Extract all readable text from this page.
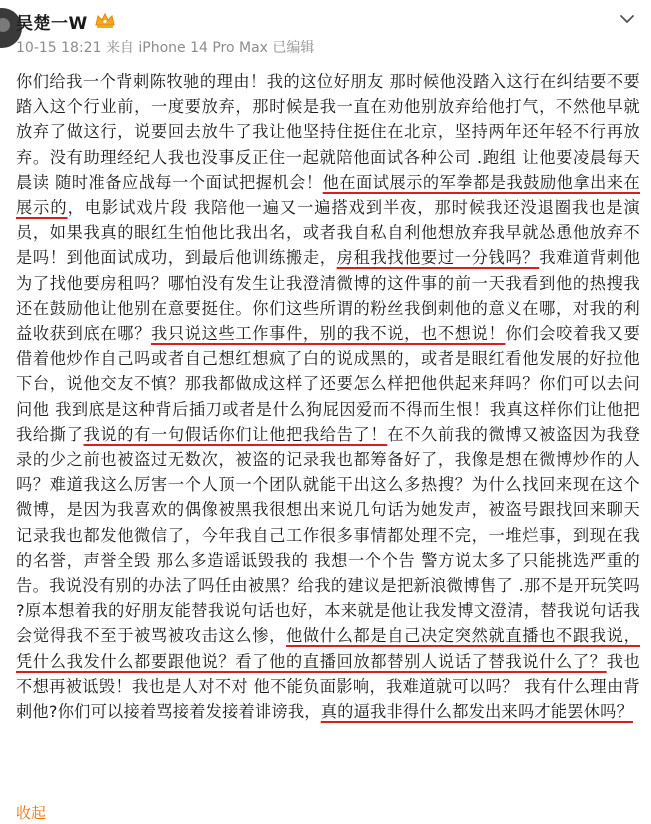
吴楚一W
10-15 18:21 来自 iPhone 14 Pro Max 已编辑
你们给我一个背刺陈牧驰的理由！我的这位好朋友 那时候他没踏入这行在纠结要不要踏入这个行业前，一度要放弃，那时候是我一直在劝他别放弃给他打气，不然他早就放弃了做这行，说要回去放牛了我让他坚持住挺住在北京，坚持两年还年轻不行再放弃。没有助理经纪人我也没事反正住一起就陪他面试各种公司 .跑组 让他要凌晨每天晨读 随时准备应战每一个面试把握机会！他在面试展示的军拳都是我鼓励他拿出来在展示的，电影试戏片段 我陪他一遍又一遍搭戏到半夜，那时候我还没退圈我也是演员，如果我真的眼红生怕他比我出名，或者我自私自利他想放弃我早就怂恿他放弃不是吗！到他面试成功，到最后他训练搬走，房租我找他要过一分钱吗？我难道背刺他为了找他要房租吗？哪怕没有发生让我澄清微博的这件事的前一天我看到他的热搜我还在鼓励他让他别在意要挺住。你们这些所谓的粉丝我倒刺他的意义在哪，对我的利益收获到底在哪？我只说这些工作事件，别的我不说，也不想说！你们会咬着我又要借着他炒作自己吗或者自己想红想疯了白的说成黑的，或者是眼红看他发展的好拉他下台，说他交友不慎？那我都做成这样了还要怎么样把他供起来拜吗？你们可以去问问他 我到底是这种背后插刀或者是什么狗屁因爱而不得而生恨！我真这样你们让他把我给撕了我说的有一句假话你们让他把我给告了！在不久前我的微博又被盗因为我登录的少之前也被盗过无数次，被盗的记录我也都筹备好了，我像是想在微博炒作的人吗？难道我这么厉害一个人顶一个团队就能干出这么多热搜？为什么找回来现在这个微博，是因为我喜欢的偶像被黑我很想出来说几句话为她发声，被盗号跟找回来聊天记录我也都发他微信了，今年我自己工作很多事情都处理不完，一堆烂事，到现在我的名誉，声誉全毁 那么多造谣诋毁我的 我想一个个告 警方说太多了只能挑选严重的告。我说没有别的办法了吗任由被黑？给我的建议是把新浪微博售了 .那不是开玩笑吗 ?原本想着我的好朋友能替我说句话也好，本来就是他让我发博文澄清，替我说句话我会觉得我不至于被骂被攻击这么惨，他做什么都是自己决定突然就直播也不跟我说，凭什么我发什么都要跟他说？看了他的直播回放都替别人说话了替我说什么了？我也不想再被诋毁！我也是人对不对 他不能负面影响，我难道就可以吗？ 我有什么理由背刺他?你们可以接着骂接着发接着诽谤我，真的逼我非得什么都发出来吗才能罢休吗？
收起
八卦芒果
